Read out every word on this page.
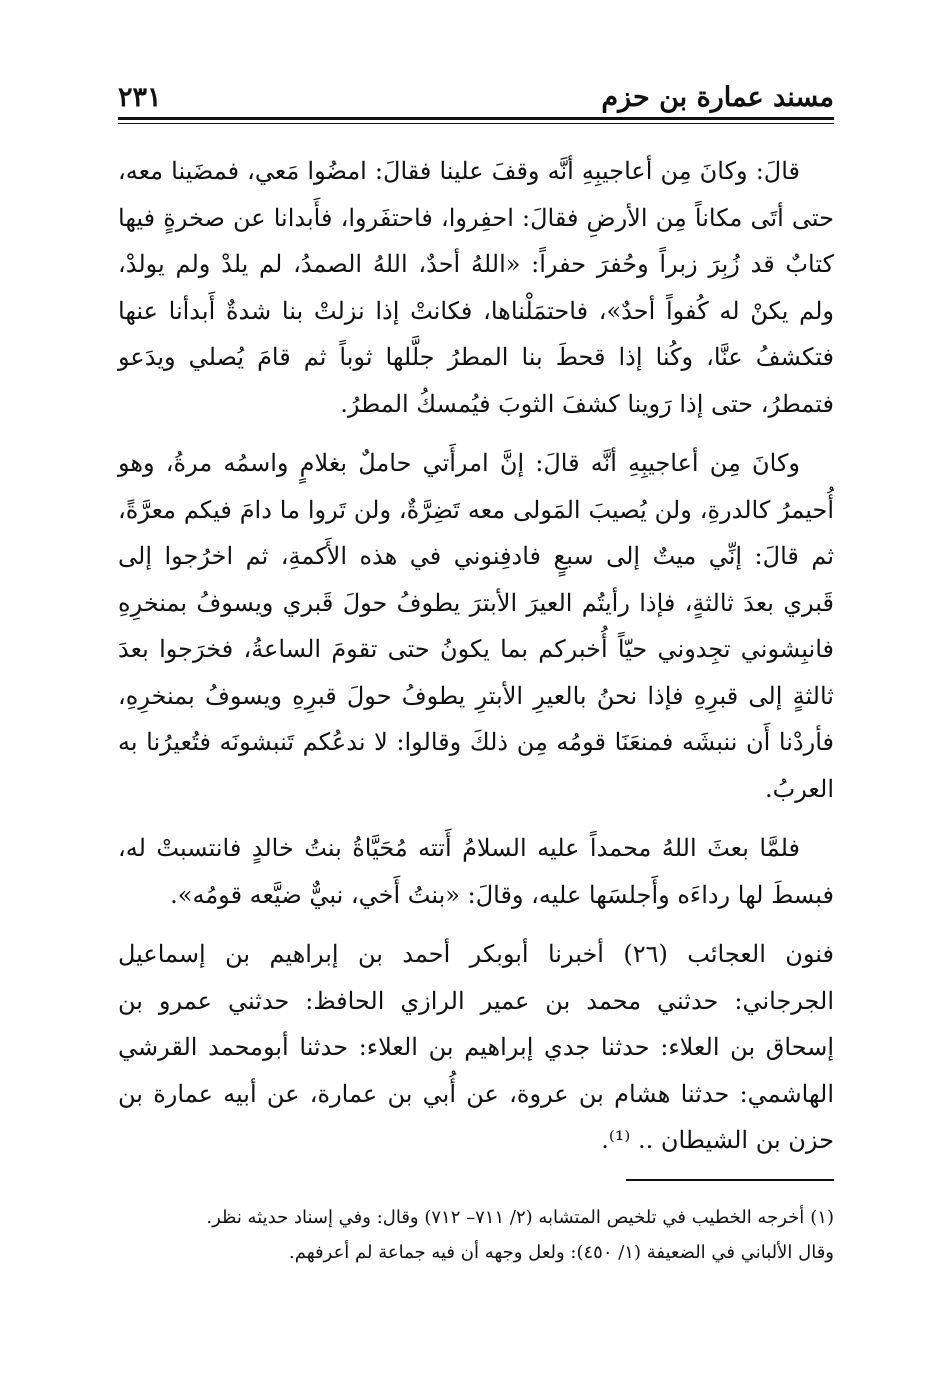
مسند عمارة بن حزم
٢٣١

قالَ: وكانَ مِن أعاجيبِهِ أنَّه وقفَ علينا فقالَ: امضُوا مَعي، فمضَينا معه، حتى أتَى مكاناً مِن الأرضِ فقالَ: احفِروا، فاحتفَروا، فأَبدانا عن صخرةٍ فيها كتابٌ قد زُبِرَ زبراً وحُفرَ حفراً: «اللهُ أحدٌ، اللهُ الصمدُ، لم يلدْ ولم يولدْ، ولم يكنْ له كُفواً أحدٌ»، فاحتمَلْناها، فكانتْ إذا نزلتْ بنا شدةٌ أَبدأنا عنها فتكشفُ عنَّا، وكُنا إذا قحطَ بنا المطرُ جلَّلها ثوباً ثم قامَ يُصلي ويدَعو فتمطرُ، حتى إذا رَوينا كشفَ الثوبَ فيُمسكُ المطرُ.

وكانَ مِن أعاجيبِهِ أنَّه قالَ: إنَّ امرأَتي حاملٌ بغلامٍ واسمُه مرةُ، وهو أُحيمرُ كالدرةِ، ولن يُصيبَ المَولى معه تَضِرَّةٌ، ولن تَروا ما دامَ فيكم معرَّةً، ثم قالَ: إنِّي ميتٌ إلى سبعٍ فادفِنوني في هذه الأَكمةِ، ثم اخرُجوا إلى قَبري بعدَ ثالثةٍ، فإذا رأيتُم العيرَ الأبترَ يطوفُ حولَ قَبري ويسوفُ بمنخرِهِ فانبِشوني تجِدوني حيّاً أُخبركم بما يكونُ حتى تقومَ الساعةُ، فخرَجوا بعدَ ثالثةٍ إلى قبرِهِ فإذا نحنُ بالعيرِ الأبترِ يطوفُ حولَ قبرِهِ ويسوفُ بمنخرِهِ، فأردْنا أَن ننبشَه فمنعَنَا قومُه مِن ذلكَ وقالوا: لا ندعُكم تَنبشونَه فتُعيرُنا به العربُ.

فلمَّا بعثَ اللهُ محمداً عليه السلامُ أَتته مُحَيَّاةُ بنتُ خالدٍ فانتسبتْ له، فبسطَ لها رداءَه وأَجلسَها عليه، وقالَ: «بنتُ أَخي، نبيٌّ ضيَّعه قومُه».

فنون العجائب (٢٦) أخبرنا أبوبكر أحمد بن إبراهيم بن إسماعيل الجرجاني: حدثني محمد بن عمير الرازي الحافظ: حدثني عمرو بن إسحاق بن العلاء: حدثنا جدي إبراهيم بن العلاء: حدثنا أبومحمد القرشي الهاشمي: حدثنا هشام بن عروة، عن أُبي بن عمارة، عن أبيه عمارة بن حزن بن الشيطان .. ⁽¹⁾.

(١)أخرجه الخطيب في تلخيص المتشابه (٢/ ٧١١– ٧١٢) وقال: وفي إسناد حديثه نظر.

وقال الألباني في الضعيفة (١/ ٤٥٠): ولعل وجهه أن فيه جماعة لم أعرفهم.
